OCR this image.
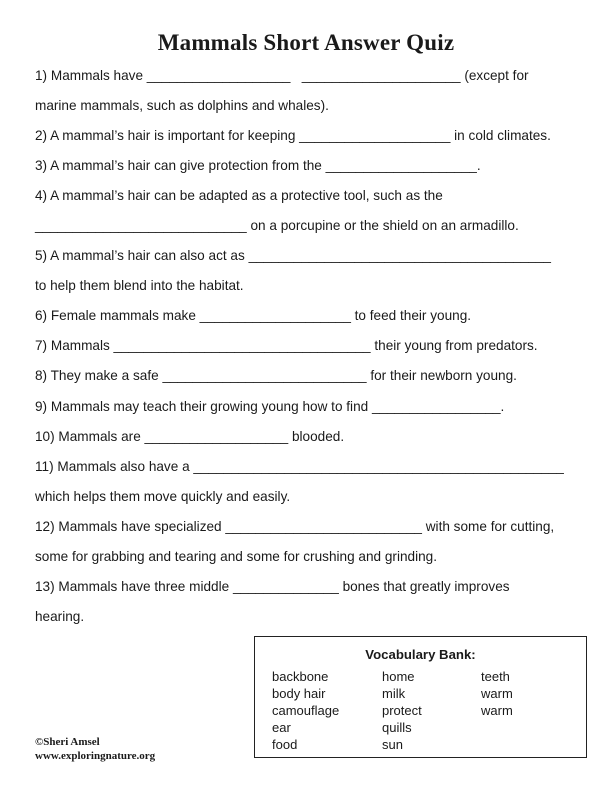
Mammals Short Answer Quiz
1) Mammals have ___________________   _____________________ (except for
marine mammals, such as dolphins and whales).
2) A mammal’s hair is important for keeping ____________________ in cold climates.
3) A mammal’s hair can give protection from the ____________________.
4) A mammal’s hair can be adapted as a protective tool, such as the
____________________________ on a porcupine or the shield on an armadillo.
5) A mammal’s hair can also act as ________________________________________
to help them blend into the habitat.
6) Female mammals make ____________________ to feed their young.
7) Mammals __________________________________ their young from predators.
8) They make a safe ___________________________ for their newborn young.
9) Mammals may teach their growing young how to find _________________.
10) Mammals are ___________________ blooded.
11) Mammals also have a _________________________________________________
which helps them move quickly and easily.
12) Mammals have specialized __________________________ with some for cutting,
some for grabbing and tearing and some for crushing and grinding.
13) Mammals have three middle ______________ bones that greatly improves
hearing.
Vocabulary Bank:
backbone
body hair
camouflage
ear
food
home
milk
protect
quills
sun
teeth
warm
warm
©Sheri Amsel
www.exploringnature.org
